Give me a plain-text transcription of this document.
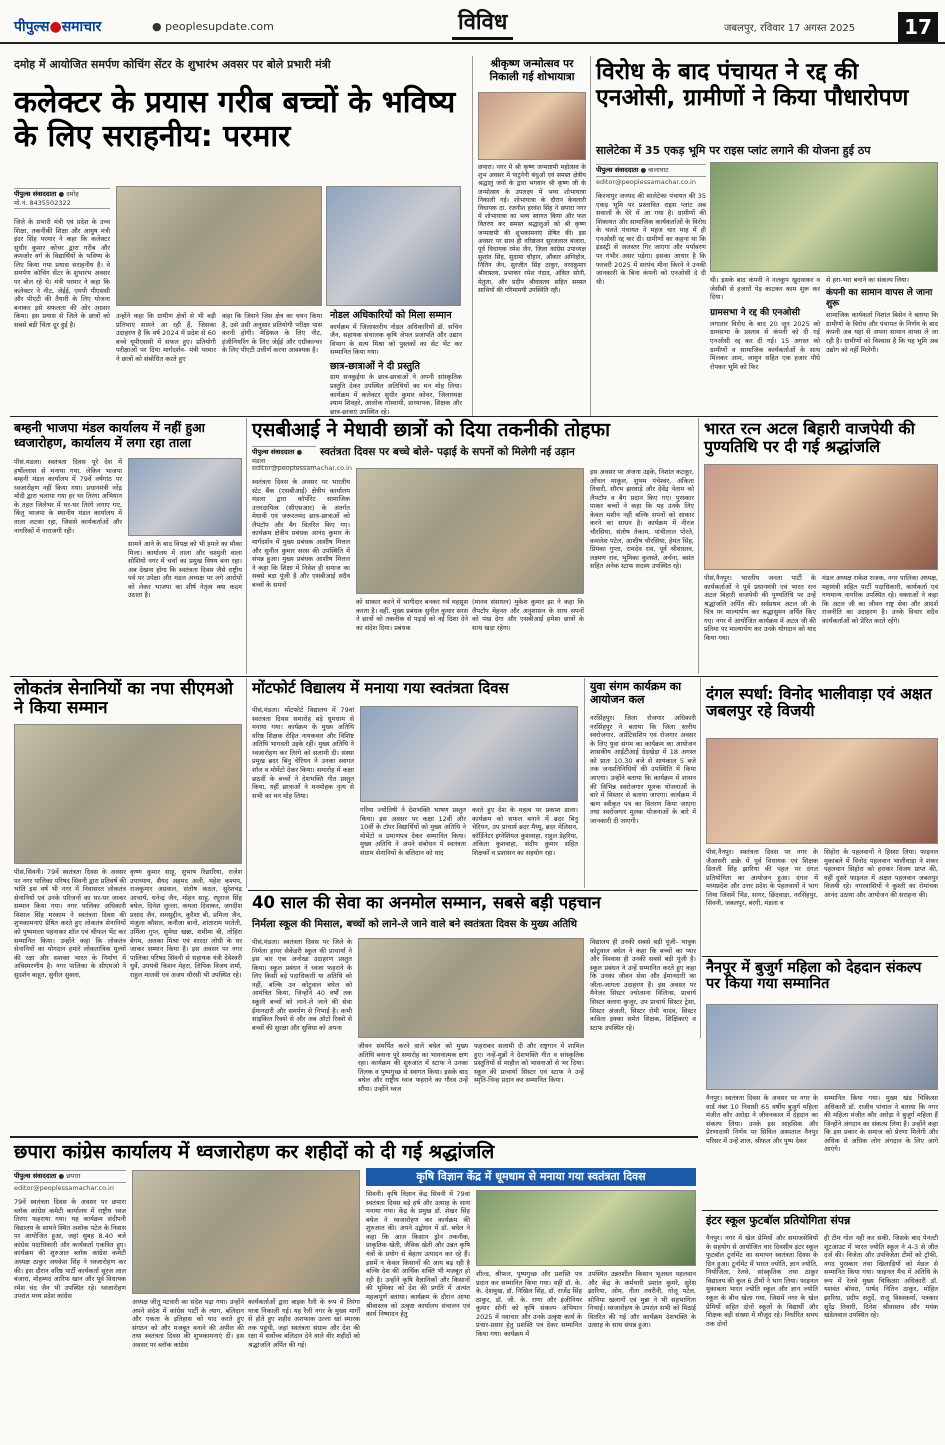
पीपुल्स●समाचार	● peoplesupdate.com	विविध	जबलपुर, रविवार 17 अगस्त 2025	17
दमोह में आयोजित समर्पण कोचिंग सेंटर के शुभारंभ अवसर पर बोले प्रभारी मंत्री
कलेक्टर के प्रयास गरीब बच्चों के भविष्य के लिए सराहनीय: परमार
पीपुल्स संवाददाता ● दमोह
मो.नं. 8435502322
जिले के प्रभारी मंत्री एवं प्रदेश के उच्च शिक्षा, तकनीकी शिक्षा और आयुष मंत्री इंदर सिंह परमार ने कहा कि कलेक्टर सुधीर कुमार कोचर द्वारा गरीब और कमजोर वर्ग के विद्यार्थियों के भविष्य के लिए किया गया प्रयास सराहनीय है। वे समर्पण कोचिंग सेंटर के शुभारंभ अवसर पर बोल रहे थे। मंत्री परमार ने कहा कि कलेक्टर ने नीट, जेईई, एमपी पीएससी और पीएटी की तैयारी के लिए योजना बनाकर इसे सफलता की ओर अग्रसर किया। इस प्रयास से जिले के छात्रों को सबसे बड़ी चिंता दूर हुई है।
उन्होंने कहा कि ग्रामीण क्षेत्रों से भी बड़ी प्रतिभाएं सामने आ रही हैं, जिसका उदाहरण है कि वर्ष 2024 में प्रदेश से 60 बच्चे यूपीएससी में सफल हुए। प्रतियोगी परीक्षाओं पर दिया मार्गदर्शन- मंत्री परमार ने छात्रों को संबोधित करते हुए
कहा कि जिसने जिस क्षेत्र का चयन किया है, उसे उसी अनुसार प्रतियोगी परीक्षा पास करनी होगी। मेडिकल के लिए नीट, इंजीनियरिंग के लिए जेईई और एग्रीकल्चर के लिए पीएटी उत्तीर्ण करना आवश्यक है।
नोडल अधिकारियों को मिला सम्मान
कार्यक्रम में जिलास्तरीय नोडल अधिकारियों डॉ. सचिन जैन, सहायक संचालक कृषि जेपल प्रजापति और उद्यान विभाग के सत्य मिश्रा को पुस्तकों का सेट भेंट कर सम्मानित किया गया।
छात्र-छात्राओं ने दी प्रस्तुति
ग्राम सनकुईया के छात्र-छात्राओं ने अपनी सांस्कृतिक प्रस्तुति देकर उपस्थित अतिथियों का मन मोह लिया। कार्यक्रम में कलेक्टर सुधीर कुमार कोचर, जिलाध्यक्ष श्याम शिवहरे, आलोक गोस्वामी, प्राध्यापक, शिक्षक और छात्र-छात्राएं उपस्थित रहे।
श्रीकृष्ण जन्मोत्सव पर निकाली गई शोभायात्रा
छपारा। नगर में श्री कृष्ण जन्माष्टमी महोत्सव के शुभ अवसर में पाटुनेनी बंधुओं एवं समस्त क्षेत्रीय श्रद्धालु जनों के द्वारा भगवान श्री कृष्ण जी के जन्मोत्सव के उपलक्ष्य में भव्य शोभायात्रा निकाली गई। शोभायात्रा के दौरान केवलारी विधायक ठा. रजनीश हरवंश सिंह ने छपारा नगर में शोभायात्रा का भव्य स्वागत किया और फल वितरण कर समस्त श्रद्धालुओं को श्री कृष्ण जन्माष्टमी की शुभकामनाएं प्रेषित की। इस अवसर पर साथ ही वरिष्ठजन सुरजलाल बंजारा, पूर्व विधायक रमेश जैन, जिला कांग्रेस उपाध्यक्ष सुशांत सिंह, सुदामा चौहान, औंकार अग्निहोत्र, नितिन जैन, सुरजीत सिंह ठाकुर, वरदकुमार श्रीवास्तव, प्रभाकर रमेश नंदाद, अंकित सोनी, मेतुला, और प्रदीप श्रीवास्तव सहित समस्त साथियों की गरिमामयी उपस्थिति रही।
विरोध के बाद पंचायत ने रद्द की एनओसी, ग्रामीणों ने किया पौधारोपण
सालेटेका में 35 एकड़ भूमि पर राइस प्लांट लगाने की योजना हुई ठप
पीपुल्स संवाददाता ● बालाघाट
editor@peoplessamachar.co.in
किरनापुर जनपद की सालेटेका पंचायत की 35 एकड़ भूमि पर प्रस्तावित राइस प्लांट अब सवालों के घेरे में आ गया है। ग्रामीणों की शिकायत और सामाजिक कार्यकर्ताओं के विरोध के चलते पंचायत ने महज चार माह में ही एनओसी रद्द कर दी। ग्रामीणों का कहना था कि इंडस्ट्री से जलस्तर गिर जाएगा और पर्यावरण पर गंभीर असर पड़ेगा। इसका आधार है कि फरवरी 2025 में सरपंच मीना किरने ने उनकी जानकारी के बिना कंपनी को एनओसी दे दी थी।	थी। इसके बाद कंपनी ने नलकूप खुदवाकर व जेसीबी से हजारों पेड़ काटकर काम शुरू कर दिया।
ग्रामसभा ने रद्द की एनओसी
लगातार विरोध के बाद 20 जून 2025 को ग्रामसभा के प्रस्ताव से कंपनी को दी गई एनओसी रद्द कर दी गई। 15 अगस्त को ग्रामीणों व सामाजिक कार्यकर्ताओं के साथ मिलकर आम, जामुन सहित एक हजार पौधे रोपकर भूमि को फिर
से हरा-भरा बनाने का संकल्प लिया।
कंपनी का सामान वापस ले जाना शुरू
सामाजिक कार्यकर्ता निशांत बिसेन ने बताया कि ग्रामीणों के विरोध और पंचायत के निर्णय के बाद कंपनी अब यहां से अपना सामान वापस ले जा रही है। ग्रामीणों को विश्वास है कि यह भूमि अब उद्योग को नहीं मिलेगी।
बम्हनी भाजपा मंडल कार्यालय में नहीं हुआ ध्वजारोहण, कार्यालय में लगा रहा ताला
पीसं.मंडला। स्वतंत्रता दिवस पूरे देश में हर्षोल्लास से मनाया गया, लेकिन भाजपा बम्हनी मंडल कार्यालय में 79वें वर्षगांठ पर ध्वजारोहण नहीं किया गया। प्रधानमंत्री नरेंद्र मोदी द्वारा चलाया गया हर घर तिरंगा अभियान के तहत जिलेभर में घर-घर तिरंगे लगाए गए, किंतु भाजपा के स्थानीय मंडल कार्यालय में ताला लटका रहा, जिससे कार्यकर्ताओं और नागरिकों में नाराजगी रही।
सामने आने के बाद विपक्ष को भी हमले का मौका मिला। कार्यालय में ताला और चश्मुली वाला सोशियो नगर में चर्चा का प्रमुख विषय बना रहा। अब देखना होगा कि स्वतंत्रता दिवस जैसे राष्ट्रीय पर्व पर उपेक्षा और मंडल अध्यक्ष पर लगे आरोपों को लेकर भाजपा का शीर्ष नेतृत्व क्या कदम उठाता है।
एसबीआई ने मेधावी छात्रों को दिया तकनीकी तोहफा
स्वतंत्रता दिवस पर बच्चे बोले- पढ़ाई के सपनों को मिलेगी नई उड़ान
पीपुल्स संवाददाता ● मंडला
editor@peoplessamachar.co.in
स्वतंत्रता दिवस के अवसर पर भारतीय स्टेट बैंक (एसबीआई) क्षेत्रीय कार्यालय मंडला द्वारा कॉर्पोरेट सामाजिक उत्तरदायित्व (सीएसआर) के अंतर्गत मेधावी एवं जरूरतमंद छात्र-छात्राओं को लैपटॉप और बैग वितरित किए गए। कार्यक्रम क्षेत्रीय प्रबंधक आनंद कुमार के मार्गदर्शन में मुख्य प्रबंधक आशीष मित्तल और सुनील कुमार सरस की उपस्थिति में संपन्न हुआ। मुख्य प्रबंधक आशीष मित्तल ने कहा कि शिक्षा में निवेश ही समाज का सबसे बड़ा पूंजी है और एसबीआई सदैव बच्चों के सपनों
को साकार करने में भागीदार बनकर गर्व महसूस करता है। वहीं, मुख्य प्रबंधक सुनील कुमार सरस ने छात्रों को तकनीक से पढ़ाई को नई दिशा देने का संदेश दिया। प्रबंधक
(मानव संसाधन) मुकेश कुमार झा ने कहा कि लैपटॉप मेहनत और अनुशासन के साथ सपनों को पंख देगा और एसबीआई हमेशा छात्रों के साथ खड़ा रहेगा।
इस अवसर पर अंजना उइके, निशांत कटकूर, आँचल माकूल, शुभम पंचेश्वर, अंकिता तिवारी, सौरभ झरवाड़े और देवेंद्र नेताम को लैपटॉप व बैग प्रदान किए गए। पुरस्कार पाकर बच्चों ने कहा कि यह उनके लिए केवल मशीन नहीं बल्कि सपनों को साकार करने का साधन है। कार्यक्रम में नीरज चौरसिया, संतोष तेकाम, पांचीलाल पोरते, कमलेश पटेल, आशीष चौरसिया, हेमंत सिंह, प्रियंका गुप्ता, रामदेव राव, पूर्व श्रीवास्तव, लक्ष्मण राव, भूमिका कुलस्ते, अर्चना, बसंत सहित अनेक स्टाफ सदस्य उपस्थित रहे।
भारत रत्न अटल बिहारी वाजपेयी की पुण्यतिथि पर दी गई श्रद्धांजलि
पीसं,नैनपुर। भारतीय जनता पार्टी के कार्यकर्ताओं ने पूर्व प्रधानमंत्री एवं भारत रत्न अटल बिहारी वाजपेयी की पुण्यतिथि पर उन्हें श्रद्धांजलि अर्पित की। सर्वप्रथम अटल जी के चित्र पर माल्यार्पण कर श्रद्धासुमन अर्पित किए गए। नगर में आयोजित कार्यक्रम में अटल जी की प्रतिमा पर माल्यार्पण कर उनके योगदान को याद किया गया।
मंडल अध्यक्ष राकेश राजक, नगर पालिका अध्यक्ष, महामंत्री सहित पार्टी पदाधिकारी, कार्यकर्ता एवं गणमान्य नागरिक उपस्थित रहे। वक्ताओं ने कहा कि अटल जी का जीवन राष्ट्र सेवा और आदर्श राजनीति का उदाहरण है। उनके विचार सदैव कार्यकर्ताओं को प्रेरित करते रहेंगे।
लोकतंत्र सेनानियों का नपा सीएमओ ने किया सम्मान
पीसं,सिवनी। 79वें स्वतंत्रता दिवस के अवसर पर नगर पालिका परिषद सिवनी द्वारा प्रतिवर्ष की भांति इस वर्ष भी नगर में निवासरत लोकतंत्र सेनानियों एवं उनके परिजनों का घर-घर जाकर सम्मान किया गया। नगर पालिका अधिकारी विशाल सिंह मरकाम ने स्वतंत्रता दिवस की शुभकामनाएं प्रेषित करते हुए लोकतंत्र सेनानियों को पुष्पमाला पहनाकर शॉल एवं श्रीफल भेंट कर सम्मानित किया। उन्होंने कहा कि लोकतंत्र सेनानियों का योगदान हमारे लोकतांत्रिक मूल्यों की रक्षा और सशक्त भारत के निर्माण में अविस्मरणीय है। नगर पालिका के सीएमओ ने सुदर्शन बाहूत, सुनील सुक्ला,
कृष्ण कुमार साहू, सुभाष रिछारिया, राजेश उपाध्याय, सैयद अहमद अली, महेश कश्यप, राजकुमार अग्रवाल, संतोष कठल, सुरेशचंद्र आचार्य, धनेन्द्र जैन, मोहन साहू, रघुराज सिंह बघेल, दिनेश लुल्ला, कमला दिवाकर, जगदीश प्रसाद जैन, समसुद्दीन, कुरैशा बी, प्रमिला जैन, मंजुला कौशल, कनौजा बानो, शांताराम परतेती, उर्मिला गुप्त, सुमेधा खन्ना, शमीमा बी, तोहिरा बेगम, अलका मिश्रा एवं शारदा लोधी के घर जाकर सम्मान किया है। इस अवसर पर नगर पालिका परिषद सिवनी से सहायक यंत्री देवेश्वरी धुर्वे, उपयंत्री किशन मेहरा, लिपिक विजय शर्मा, राहुल मालवी एवं अजय चौरसी भी उपस्थित रहे।
मोंटफोर्ट विद्यालय में मनाया गया स्वतंत्रता दिवस
पीसं,मंडला। मोंटफोर्ट विद्यालय में 79वां स्वतंत्रता दिवस समारोह बड़े धूमधाम से मनाया गया। कार्यक्रम के मुख्य अतिथि वरिष्ठ शिक्षक रोहित नायकवार और विशिष्ट अतिथि भागवती उइके रहीं। मुख्य अतिथि ने ध्वजारोहण कर तिरंगे को सलामी दी। संस्था प्रमुख ब्रदर बिनु चेरियन ने उनका स्वागत शॉल व मोमेंटो देकर किया। समारोह में कक्षा छठवीं के बच्चों ने देशभक्ति गीत प्रस्तुत किया, यहीं छात्राओं ने मनमोहक नृत्य से सभी का मन मोह लिया।
गरिमा ज्योतिषी ने देशभक्ति भाषण प्रस्तुत किया। इस अवसर पर कक्षा 12वीं और 10वीं के टॉपर विद्यार्थियों को मुख्य अतिथि ने मोमेंटो व प्रमाणपत्र देकर सम्मानित किया। मुख्य अतिथि ने अपने संबोधन में स्वतंत्रता संग्राम सेनानियों के बलिदान को याद
करते हुए देश के महत्व पर प्रकाश डाला। कार्यक्रम को सफल बनाने में ब्रदर बिनु चेरियन, उप प्राचार्य ब्रदर मैथ्यू, ब्रदर मेलिसन, कॉर्डिनेटर इग्नेशियल कुशवाहा, राहुल डेहरिया, अंकिता कुशवाहा, संदीप कुमार सहित शिक्षकों व प्रशासन का सहयोग रहा।
युवा संगम कार्यक्रम का आयोजन कल
नरसिंहपुर। जिला रोजगार अधिकारी नरसिंहपुर ने बताया कि जिला स्तरीय स्वरोजगार, अप्रेंटिसशिप एवं रोजगार अवसर के लिए युवा संगम का कार्यक्रम का आयोजन शासकीय आईटीआई ग्रेड़खेड़ा में 18 अगस्त को प्रातः 10.30 बजे से सायंकाल 5 बजे तक जनप्रतिनिधियों की उपस्थिति में किया जाएगा। उन्होंने बताया कि कार्यक्रम में शासन की विभिन्न स्वरोजगार मूलक योजनाओं के बारे में विस्तार से बताया जाएगा। कार्यक्रम में ऋण स्वीकृत पत्र का वितरण किया जाएगा तथा स्वरोजगार मूलक योजनाओं के बारे में जानकारी दी जाएगी।
दंगल स्पर्धा: विनोद भालीवाड़ा एवं अक्षत जबलपुर रहे विजयी
पीसं,नैनपुर। स्वतंत्रता दिवस पर नगर के जैआसरी डाक्रे में पूर्व विधायक एवं शिक्षक डिलली सिंह झारिया की पहल पर दंगल प्रतियोगिता का आयोजन हुआ। दंगल में मध्यप्रदेश और उत्तर प्रदेश के पहलवानों ने भाग लिया जिसमें भिंड, सागर, छिंदवाड़ा, नरसिंहपुर, सिवनी, जबलपुर, बरगी, मंडला व
सिहोरा के पहलवानों ने हिस्सा लिया। फाइनल मुकाबले में विनोद पहलवान भालीवाड़ा ने शंकर पहलवान सिहोरा को हराकर विजय प्राप्त की, वहीं दूसरे फाइनल में अक्षत पहलवान जबलपुर विजयी रहे। नगरवासियों ने कुश्ती का रोमांचक आनंद उठाया और आयोजन की सराहना की।
40 साल की सेवा का अनमोल सम्मान, सबसे बड़ी पहचान
निर्मला स्कूल की मिसाल, बच्चों को लाने-ले जाने वाले बने स्वतंत्रता दिवस के मुख्य अतिथि
पीसं,मंडला। स्वतंत्रता दिवस पर जिले के निर्मला हायर सेकेंडरी स्कूल की प्राचार्या ने इस बार एक अनोखा उदाहरण प्रस्तुत किया। स्कूल प्रबंधन ने ध्वजा फहराने के लिए किसी बड़े पदाधिकारी या अतिथि को नहीं, बल्कि उन कोटुवाल बघेल को आमंत्रित किया, जिन्होंने 40 वर्षों तक स्कूली बच्चों को लाने-ले जाने की सेवा ईमानदारी और समर्पण से निभाई है। कभी साइकिल रिक्शे से और अब ऑटो रिक्शे से बच्चों की सुरक्षा और सुविधा को अपना
जीवन समर्पित करने वाले बघेल को मुख्य अतिथि बनाना पूरे समारोह का भावनात्मक क्षण रहा। कार्यक्रम की शुरुआत में स्टाफ ने उनका तिलक व पुष्पगुच्छ से स्वागत किया। इसके बाद बघेल और राष्ट्रीय ध्वज फहराने का गौरव उन्हें सौंपा। उन्होंने ध्वज
फहराकर सलामी दी और राष्ट्रगान में शामिल हुए। नन्हें-मुन्नों ने देशभक्ति गीत व सांस्कृतिक प्रस्तुतियों से माहौल को भावनाओं से भर दिया। स्कूल की प्राचार्या सिस्टर एवं स्टाफ ने उन्हें स्मृति-चिन्ह प्रदान कर सम्मानित किया।
विद्यालय ही उनकी सबसे बड़ी पूंजी- भावुक कोटुवाल बघेल ने कहा कि बच्चों का प्यार और विश्वास ही उनकी सबसे बड़ी पूंजी है। स्कूल प्रबंधन ने उन्हें सम्मानित करते हुए कहा कि उनका जीवन सेवा और ईमानदारी का जीता-जागता उदाहरण है। इस अवसर पर मैनेजर सिस्टर ज्योत्सना विलिन्स, प्राचार्य सिस्टर क्लारा कुजूर, उप प्राचार्य सिस्टर ट्रेसा, सिस्टर अंजली, सिस्टर रोमी यादव, सिस्टर कविता इक्का समेत शिक्षक, शिक्षिकाएं व स्टाफ उपस्थित रहे।
नैनपुर में बुजुर्ग महिला को देहदान संकल्प पर किया गया सम्मानित
नैनपुर। स्वतंत्रता दिवस के अवसर पर नगर के वार्ड नंबर 10 निवासी 65 वर्षीय बुजुर्ग महिला मंजीत कौर अरोड़ा ने जीवनकाल में देहदान का संकल्प लिया। उनके इस साहसिक और प्रेरणादायी निर्णय पर सिविल अस्पताल नैनपुर परिसर में उन्हें शाल, श्रीफल और पुष्प देकर
सम्मानित किया गया। मुख्य खंड चिकित्सा अधिकारी डॉ. राजीव पांचाल ने बताया कि नगर की महिला मंजीत कौर अरोड़ा ने बुजुर्ग महिला हैं जिन्होंने अंगदान का संकल्प लिया है। उन्होंने कहा कि इस प्रकार के समाज को प्रेरणा मिलेगी और अधिक से अधिक लोग अंगदान के लिए आगे आएंगे।
छपारा कांग्रेस कार्यालय में ध्वजारोहण कर शहीदों को दी गई श्रद्धांजलि
पीपुल्स संवाददाता ● छपारा
editor@peoplessamachar.co.in
79वें स्वतंत्रता दिवस के अवसर पर छपारा ब्लॉक कांग्रेस कमेटी कार्यालय में राष्ट्रीय ध्वज तिरंगा फहराया गया। यह कार्यक्रम संदीपनी विद्यालय के सामने स्थित अशोक पटेल के निवास पर आयोजित हुआ, जहां सुबह 8.40 बजे कांग्रेस पदाधिकारी और कार्यकर्ता एकत्रित हुए। कार्यक्रम की शुरुआत ब्लॉक कांग्रेस कमेटी अध्यक्ष ठाकुर जयकेश सिंह ने ध्वजारोहण कर की। इस दौरान वरिष्ठ पार्टी कार्यकर्ता सूरज लाल बंजारा, मोहम्मद आरिफ खान और पूर्व विधायक रमेश चंद जैन भी उपस्थित रहे। ध्वजारोहण उपरांत मध्य प्रदेश कांग्रेस
अध्यक्ष जीतू पटवारी का संदेश पढ़ा गया। उन्होंने अपने संदेश में कांग्रेस पार्टी के त्याग, बलिदान और एकता के इतिहास को याद करते हुए संगठन को और मजबूत बनाने की अपील की तथा स्वतंत्रता दिवस की शुभकामनाएं दीं। इस अवसर पर ब्लॉक कांग्रेस
कार्यकर्ताओं द्वारा बाइक रैली के रूप में तिरंगा यात्रा निकाली गई। यह रैली नगर के मुख्य मार्गों से होते हुए शहीद अशफाक उल्ला खां स्मारक तक पहुंची, जहां स्वतंत्रता संग्राम और देश की रक्षा में सर्वोच्च बलिदान देने वाले वीर शहीदों को श्रद्धांजलि अर्पित की गई।
कृषि विज्ञान केंद्र में धूमधाम से मनाया गया स्वतंत्रता दिवस
सिवनी। कृषि विज्ञान केंद्र सिवनी में 79वां स्वतंत्रता दिवस बड़े हर्ष और उत्साह के साथ मनाया गया। केंद्र के प्रमुख डॉ. शेखर सिंह बघेल ने ध्वजारोहण कर कार्यक्रम की शुरुआत की। अपने उद्बोधन में डॉ. बघेल ने कहा कि आज किसान ड्रोन तकनीक, प्राकृतिक खेती, जैविक खेती और उन्नत कृषि यंत्रों के प्रयोग से बेहतर उत्पादन कर रहे हैं। इसमें न केवल किसानों की आय बढ़ रही है बल्कि देश की आर्थिक शक्ति भी मजबूत हो रही है। उन्होंने कृषि वैज्ञानिकों और किसानों की भूमिका को देश की प्रगति में अत्यंत महत्वपूर्ण बताया। कार्यक्रम के दौरान आभा श्रीवास्तव को उत्कृष्ट कार्यालय संचालन एवं कार्य निष्पादन हेतु
शील्ड, श्रीफल, पुष्पगुच्छ और प्रशस्ति पत्र प्रदान कर सम्मानित किया गया। वहीं डॉ. के. के. देशमुख, डॉ. निखिल सिंह, डॉ. राजेंद्र सिंह ठाकुर, डॉ. जी. के. राणा और इंजीनियर कुमार सोनी को कृषि संकल्प अभियान 2025 में नवाचार और उनके उत्कृष्ट कार्य के प्रचार-प्रसार हेतु प्रशस्ति पत्र देकर सम्मानित किया गया। कार्यक्रम में
उपस्थित उन्नतशील किसान भूअस्ल पहलवान और केंद्र के कर्मचारी प्रशांत कुमरे, सुरेश झारिया, ओम, नीता तवरीनी, गोलू पटेल, सोनिया खलागों एवं मुन्ना ने भी सहभागिता निभाई। ध्वजारोहण के उपरांत सभी को मिठाई वितरित की गई और कार्यक्रम देशभक्ति के उत्साह के साथ संपन्न हुआ।
इंटर स्कूल फुटबॉल प्रतियोगिता संपन्न
नैनपुर। नगर में खेल प्रेमियों और समाजसेवियों के सहयोग से आयोजित चार दिवसीय इंटर स्कूल फुटबॉल टूर्नामेंट का समापन स्वतंत्रता दिवस के दिन हुआ। टूर्नामेंट में भारत ज्योति, ज्ञान ज्योति, नियोजिता, रेलवे, सांस्कृतिक तथा ठाकुर विद्यालय की कुल 6 टीमों ने भाग लिया। फाइनल मुकाबला भारत ज्योति स्कूल और ज्ञान ज्योति स्कूल के बीच खेला गया, जिसमें नगर के खेल प्रेमियों सहित दोनों स्कूलों के विद्यार्थी और शिक्षक बड़ी संख्या में मौजूद रहे। निर्धारित समय तक दोनों
ही टीम गोल नहीं कर सकी, जिसके बाद पेनल्टी शूटआउट में भारत ज्योति स्कूल ने 4-3 से जीत दर्ज की। विजेता और उपविजेता टीमों को ट्रॉफी, नगद पुरस्कार तथा खिलाड़ियों को मेडल से सम्मानित किया गया। फाइनल मैच में अतिथि के रूप में रेलवे मुख्य चिकित्सा अधिकारी डॉ. यशवंत बोथरा, पार्षद नितिन ठाकुर, मोहित झारिया, प्रदीप सतुर्दे, राजू विश्वकर्मा, पत्रकार सुरेंद्र तिवारी, दिनेश श्रीवास्तव और मयंक खंडेलवाल उपस्थित रहे।
